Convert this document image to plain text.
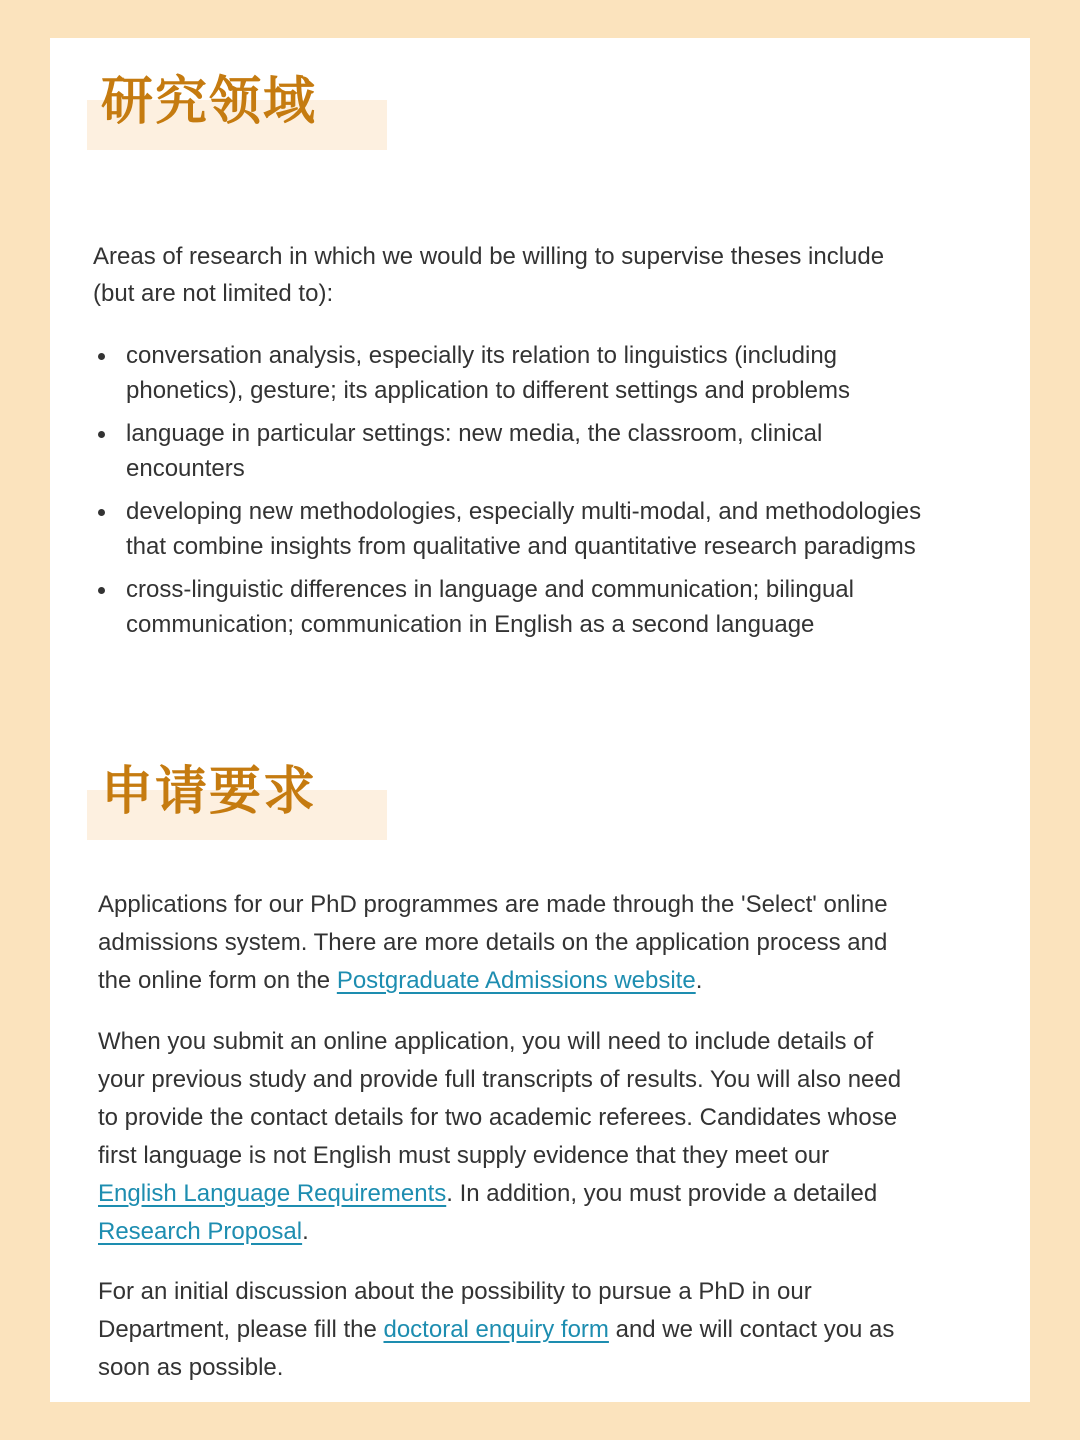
研究领域

Areas of research in which we would be willing to supervise theses include (but are not limited to):

conversation analysis, especially its relation to linguistics (including phonetics), gesture; its application to different settings and problems
language in particular settings: new media, the classroom, clinical encounters
developing new methodologies, especially multi-modal, and methodologies that combine insights from qualitative and quantitative research paradigms
cross-linguistic differences in language and communication; bilingual communication; communication in English as a second language
申请要求

Applications for our PhD programmes are made through the 'Select' online admissions system. There are more details on the application process and the online form on the Postgraduate Admissions website.

When you submit an online application, you will need to include details of your previous study and provide full transcripts of results. You will also need to provide the contact details for two academic referees. Candidates whose first language is not English must supply evidence that they meet our English Language Requirements. In addition, you must provide a detailed Research Proposal.

For an initial discussion about the possibility to pursue a PhD in our Department, please fill the doctoral enquiry form and we will contact you as soon as possible.
